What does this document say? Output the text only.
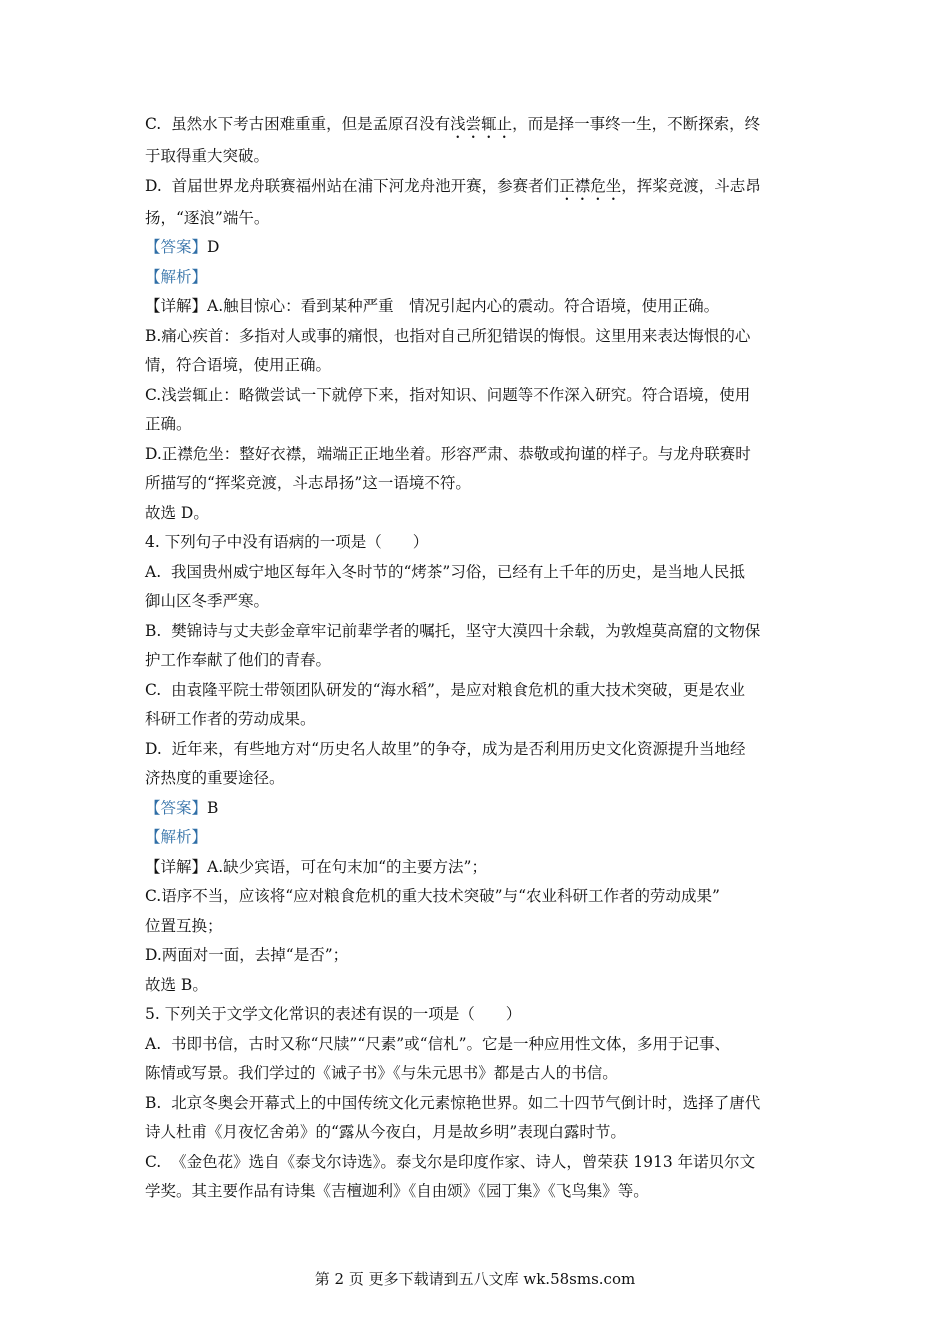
C. 虽然水下考古困难重重，但是孟原召没有浅尝辄止，而是择一事终一生，不断探索，终
于取得重大突破。
D. 首届世界龙舟联赛福州站在浦下河龙舟池开赛，参赛者们正襟危坐，挥桨竞渡，斗志昂
扬，“逐浪”端午。
【答案】D
【解析】
【详解】A.触目惊心：看到某种严重　情况引起内心的震动。符合语境，使用正确。
B.痛心疾首：多指对人或事的痛恨，也指对自己所犯错误的悔恨。这里用来表达悔恨的心
情，符合语境，使用正确。
C.浅尝辄止：略微尝试一下就停下来，指对知识、问题等不作深入研究。符合语境，使用
正确。
D.正襟危坐：整好衣襟，端端正正地坐着。形容严肃、恭敬或拘谨的样子。与龙舟联赛时
所描写的“挥桨竞渡，斗志昂扬”这一语境不符。
故选 D。
4. 下列句子中没有语病的一项是（　　）
A. 我国贵州威宁地区每年入冬时节的“烤茶”习俗，已经有上千年的历史，是当地人民抵
御山区冬季严寒。
B. 樊锦诗与丈夫彭金章牢记前辈学者的嘱托，坚守大漠四十余载，为敦煌莫高窟的文物保
护工作奉献了他们的青春。
C. 由袁隆平院士带领团队研发的“海水稻”，是应对粮食危机的重大技术突破，更是农业
科研工作者的劳动成果。
D. 近年来，有些地方对“历史名人故里”的争夺，成为是否利用历史文化资源提升当地经
济热度的重要途径。
【答案】B
【解析】
【详解】A.缺少宾语，可在句末加“的主要方法”；
C.语序不当，应该将“应对粮食危机的重大技术突破”与“农业科研工作者的劳动成果”
位置互换；
D.两面对一面，去掉“是否”；
故选 B。
5. 下列关于文学文化常识的表述有误的一项是（　　）
A. 书即书信，古时又称“尺牍”“尺素”或“信札”。它是一种应用性文体，多用于记事、
陈情或写景。我们学过的《诫子书》《与朱元思书》都是古人的书信。
B. 北京冬奥会开幕式上的中国传统文化元素惊艳世界。如二十四节气倒计时，选择了唐代
诗人杜甫《月夜忆舍弟》的“露从今夜白，月是故乡明”表现白露时节。
C. 《金色花》选自《泰戈尔诗选》。泰戈尔是印度作家、诗人，曾荣获 1913 年诺贝尔文
学奖。其主要作品有诗集《吉檀迦利》《自由颂》《园丁集》《飞鸟集》等。
第 2 页 更多下载请到五八文库 wk.58sms.com
